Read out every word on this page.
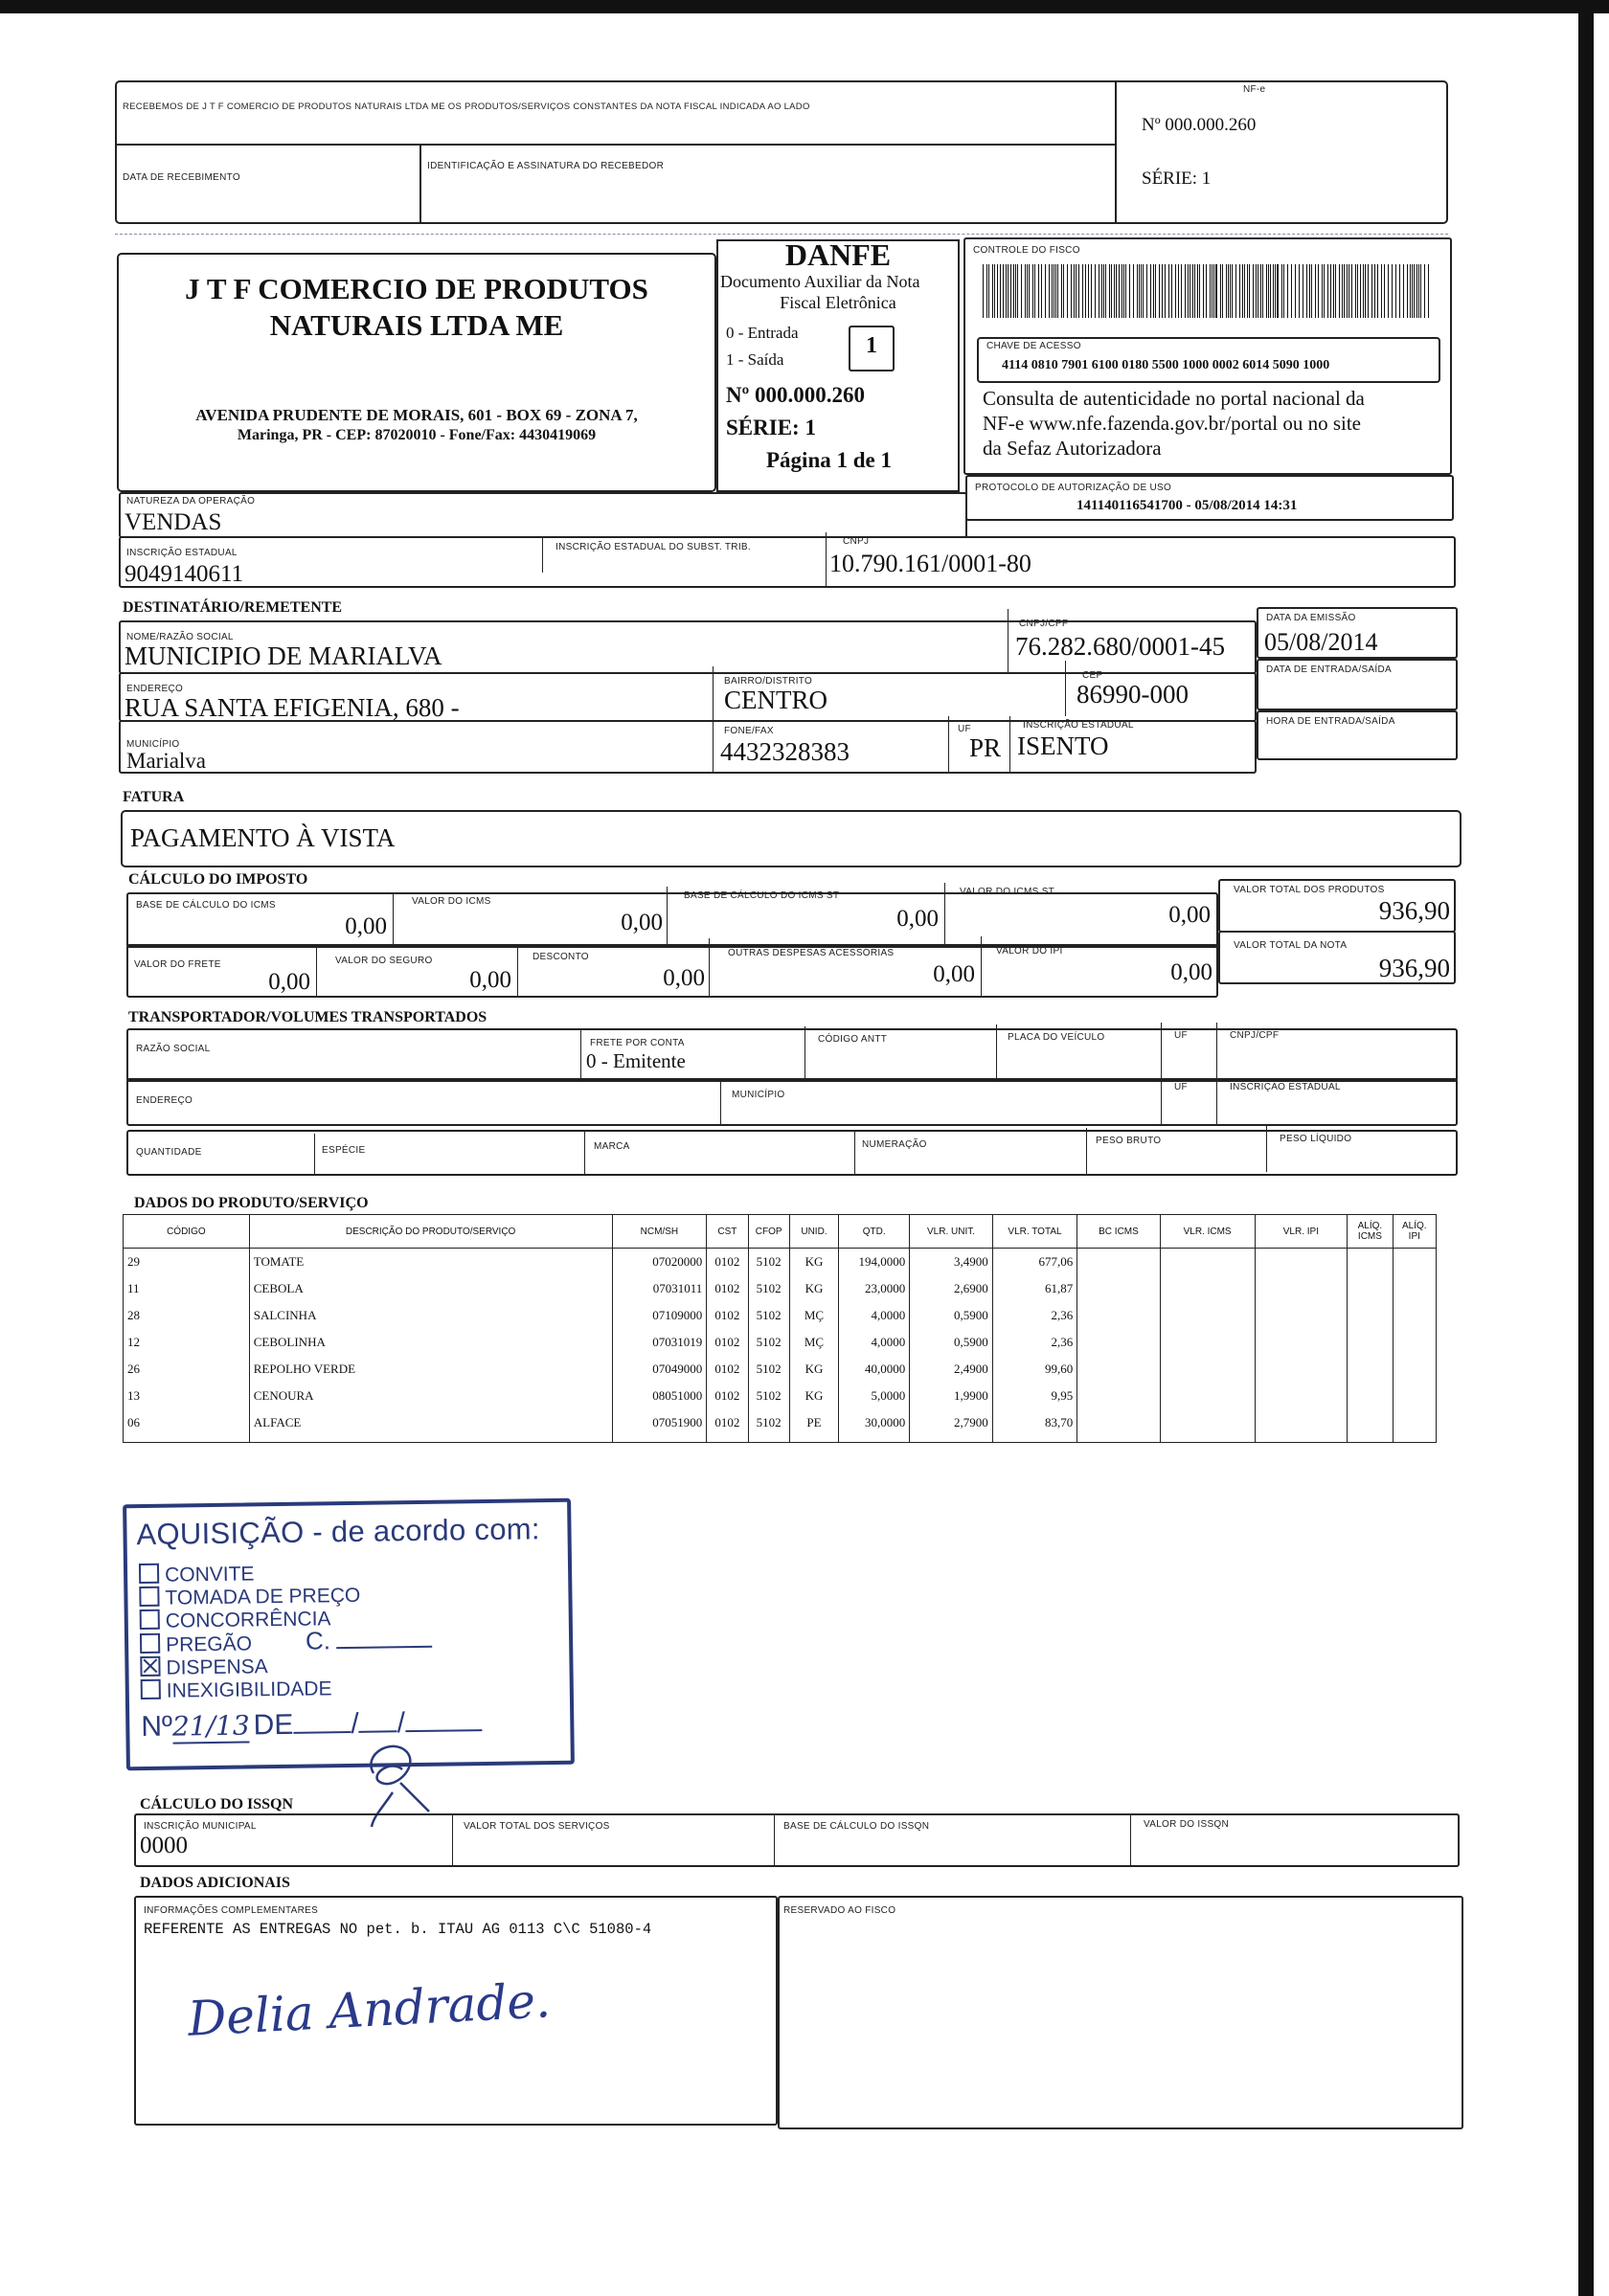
RECEBEMOS DE J T F COMERCIO DE PRODUTOS NATURAIS LTDA ME OS PRODUTOS/SERVIÇOS CONSTANTES DA NOTA FISCAL INDICADA AO LADO
DATA DE RECEBIMENTO
IDENTIFICAÇÃO E ASSINATURA DO RECEBEDOR
NF-e
Nº 000.000.260
SÉRIE: 1
J T F COMERCIO DE PRODUTOS
NATURAIS LTDA ME
AVENIDA PRUDENTE DE MORAIS, 601 - BOX 69 - ZONA 7,
Maringa, PR - CEP: 87020010 - Fone/Fax: 4430419069
DANFE
Documento Auxiliar da Nota
Fiscal Eletrônica
0 - Entrada
1 - Saída
1
Nº 000.000.260
SÉRIE: 1
Página 1 de 1
CONTROLE DO FISCO
CHAVE DE ACESSO
4114 0810 7901 6100 0180 5500 1000 0002 6014 5090 1000
Consulta de autenticidade no portal nacional da
NF-e www.nfe.fazenda.gov.br/portal ou no site
da Sefaz Autorizadora
PROTOCOLO DE AUTORIZAÇÃO DE USO
141140116541700 - 05/08/2014 14:31
NATUREZA DA OPERAÇÃO
VENDAS
INSCRIÇÃO ESTADUAL
9049140611
INSCRIÇÃO ESTADUAL DO SUBST. TRIB.
CNPJ
10.790.161/0001-80
DESTINATÁRIO/REMETENTE
NOME/RAZÃO SOCIAL
MUNICIPIO DE MARIALVA
CNPJ/CPF
76.282.680/0001-45
DATA DA EMISSÃO
05/08/2014
ENDEREÇO
RUA SANTA EFIGENIA, 680 -
BAIRRO/DISTRITO
CENTRO
CEP
86990-000
DATA DE ENTRADA/SAÍDA
MUNICÍPIO
Marialva
FONE/FAX
4432328383
UF
PR
INSCRIÇÃO ESTADUAL
ISENTO
HORA DE ENTRADA/SAÍDA
FATURA
PAGAMENTO À VISTA
CÁLCULO DO IMPOSTO
BASE DE CÁLCULO DO ICMS
0,00
VALOR DO ICMS
0,00
BASE DE CÁLCULO DO ICMS ST
0,00
VALOR DO ICMS ST
0,00
VALOR TOTAL DOS PRODUTOS
936,90
VALOR DO FRETE
0,00
VALOR DO SEGURO
0,00
DESCONTO
0,00
OUTRAS DESPESAS ACESSÓRIAS
0,00
VALOR DO IPI
0,00
VALOR TOTAL DA NOTA
936,90
TRANSPORTADOR/VOLUMES TRANSPORTADOS
RAZÃO SOCIAL
FRETE POR CONTA
0 - Emitente
CÓDIGO ANTT	PLACA DO VEÍCULO	UF	CNPJ/CPF
ENDEREÇO
MUNICÍPIO
UF	INSCRIÇÃO ESTADUAL
QUANTIDADE	ESPÉCIE	MARCA	NUMERAÇÃO	PESO BRUTO	PESO LÍQUIDO
DADOS DO PRODUTO/SERVIÇO
CÓDIGO	DESCRIÇÃO DO PRODUTO/SERVIÇO	NCM/SH	CST	CFOP	UNID.	QTD.	VLR. UNIT.	VLR. TOTAL	BC ICMS	VLR. ICMS	VLR. IPI	ALÍQ. ICMS	ALÍQ. IPI
29	TOMATE	07020000	0102	5102	KG	194,0000	3,4900	677,06					
11	CEBOLA	07031011	0102	5102	KG	23,0000	2,6900	61,87					
28	SALCINHA	07109000	0102	5102	MÇ	4,0000	0,5900	2,36					
12	CEBOLINHA	07031019	0102	5102	MÇ	4,0000	0,5900	2,36					
26	REPOLHO VERDE	07049000	0102	5102	KG	40,0000	2,4900	99,60					
13	CENOURA	08051000	0102	5102	KG	5,0000	1,9900	9,95					
06	ALFACE	07051900	0102	5102	PE	30,0000	2,7900	83,70					

AQUISIÇÃO - de acordo com:
CONVITE
TOMADA DE PREÇO
CONCORRÊNCIA
PREGÃO C.
DISPENSA
INEXIGIBILIDADE
Nº21/13 DE / /
CÁLCULO DO ISSQN
INSCRIÇÃO MUNICIPAL
0000
VALOR TOTAL DOS SERVIÇOS	BASE DE CÁLCULO DO ISSQN	VALOR DO ISSQN
DADOS ADICIONAIS
INFORMAÇÕES COMPLEMENTARES
REFERENTE AS ENTREGAS NO pet. b. ITAU AG 0113 C\C 51080-4
Delia Andrade.
RESERVADO AO FISCO
